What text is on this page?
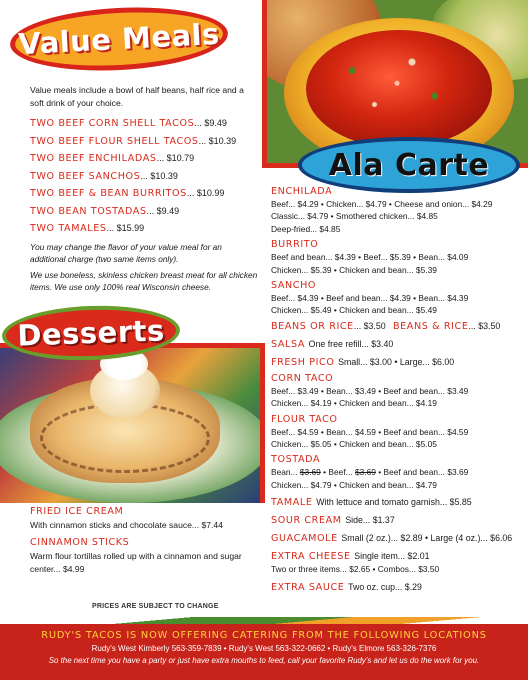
Value Meals
Ala Carte
Desserts

Value meals include a bowl of half beans, half rice and a soft drink of your choice.

TWO BEEF CORN SHELL TACOS... $9.49
TWO BEEF FLOUR SHELL TACOS... $10.39
TWO BEEF ENCHILADAS... $10.79
TWO BEEF SANCHOS... $10.39
TWO BEEF & BEAN BURRITOS... $10.99
TWO BEAN TOSTADAS... $9.49
TWO TAMALES... $15.99

You may change the flavor of your value meal for an additional charge (two same items only).

We use boneless, skinless chicken breast meat for all chicken items. We use only 100% real Wisconsin cheese.

ENCHILADA
Beef... $4.29 • Chicken... $4.79 • Cheese and onion... $4.29
Classic... $4.79 • Smothered chicken... $4.85
Deep-fried... $4.85
BURRITO
Beef and bean... $4.39 • Beef... $5.39 • Bean... $4.09
Chicken... $5.39 • Chicken and bean... $5.39
SANCHO
Beef... $4.39 • Beef and bean... $4.39 • Bean... $4.39
Chicken... $5.49 • Chicken and bean... $5.49
BEANS OR RICE... $3.50 BEANS & RICE... $3.50
SALSA One free refill... $3.40
FRESH PICO Small... $3.00 • Large... $6.00
CORN TACO
Beef... $3.49 • Bean... $3.49 • Beef and bean... $3.49
Chicken... $4.19 • Chicken and bean... $4.19
FLOUR TACO
Beef... $4.59 • Bean... $4.59 • Beef and bean... $4.59
Chicken... $5.05 • Chicken and bean... $5.05
TOSTADA
Bean... $3.69 • Beef... $3.69 • Beef and bean... $3.69
Chicken... $4.79 • Chicken and bean... $4.79
TAMALE With lettuce and tomato garnish... $5.85
SOUR CREAM Side... $1.37
GUACAMOLE Small (2 oz.)... $2.89 • Large (4 oz.)... $6.06
EXTRA CHEESE Single item... $2.01
Two or three items... $2.65 • Combos... $3.50
EXTRA SAUCE Two oz. cup... $.29
FRIED ICE CREAM
With cinnamon sticks and chocolate sauce... $7.44
CINNAMON STICKS
Warm flour tortillas rolled up with a cinnamon and sugar center... $4.99
PRICES ARE SUBJECT TO CHANGE
RUDY'S TACOS IS NOW OFFERING CATERING FROM THE FOLLOWING LOCATIONS
Rudy's West Kimberly 563-359-7839 • Rudy's West 563-322-0662 • Rudy's Elmore 563-326-7376
So the next time you have a party or just have extra mouths to feed, call your favorite Rudy's and let us do the work for you.
